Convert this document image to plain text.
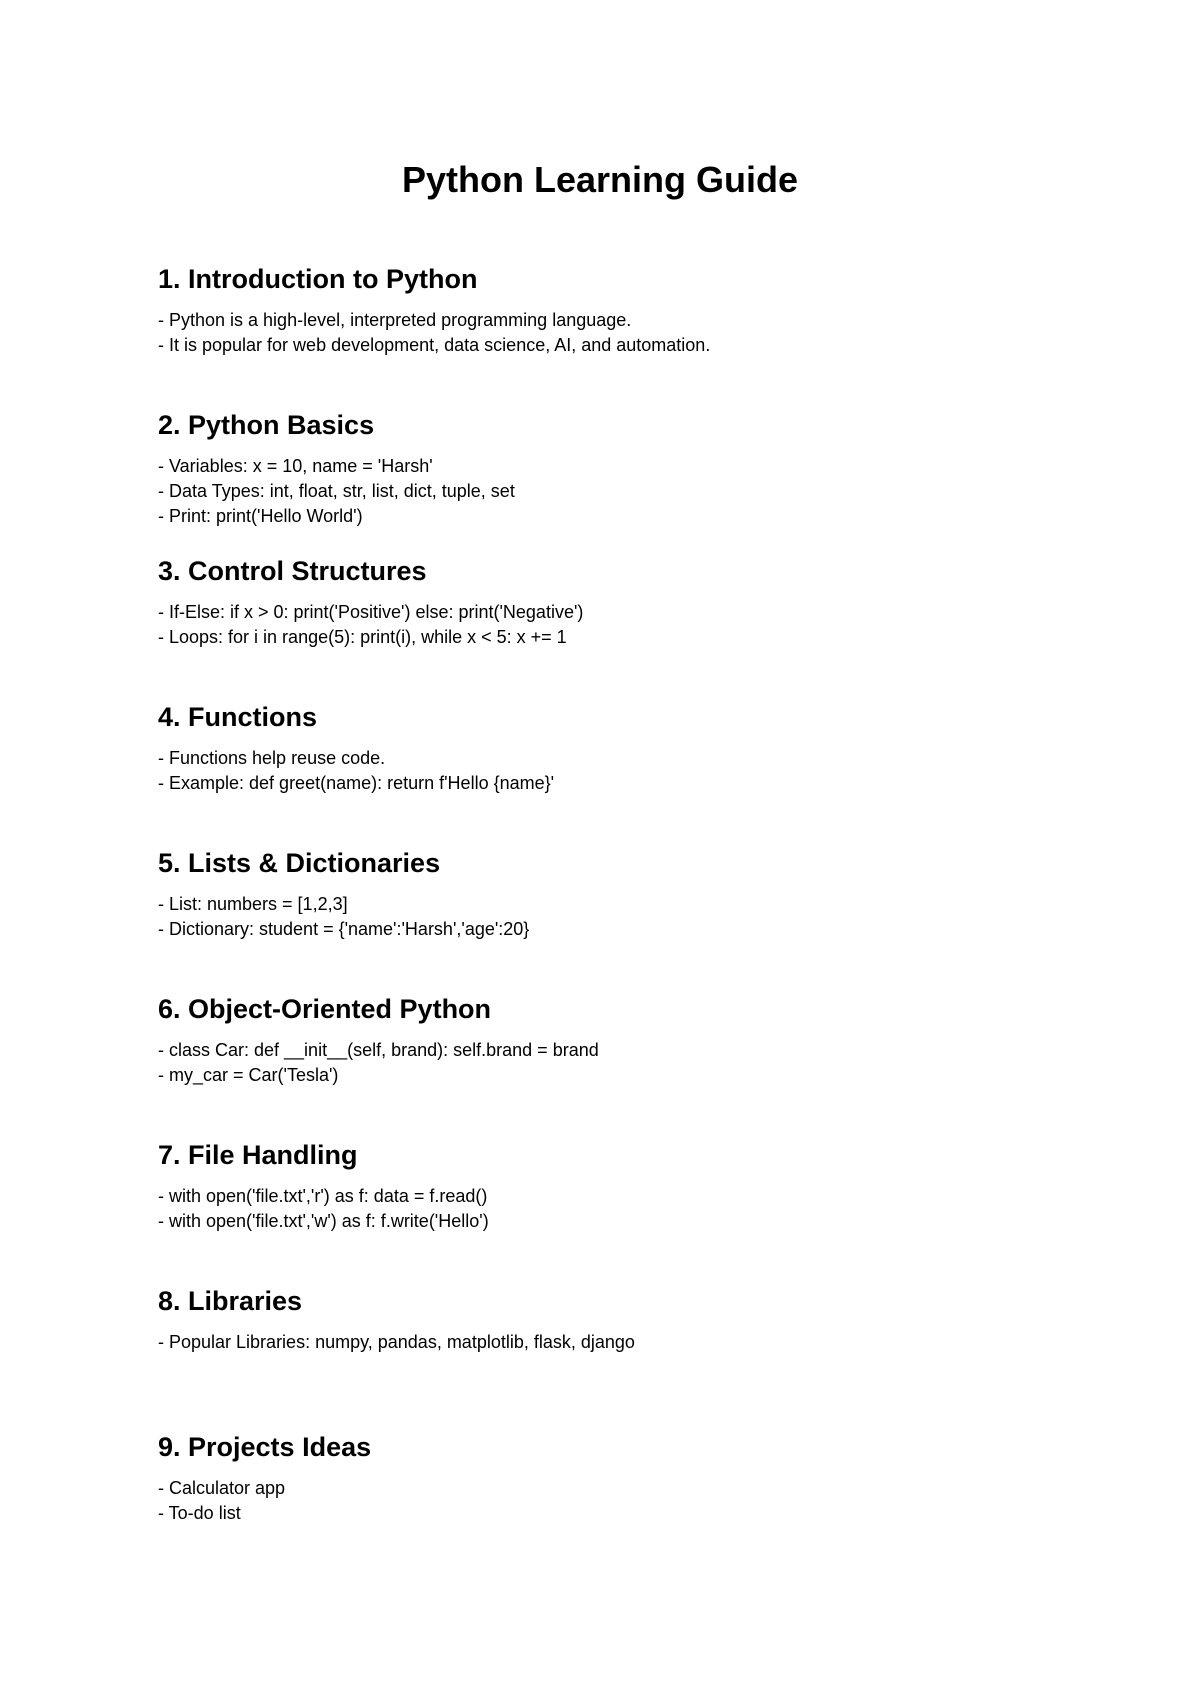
Python Learning Guide
1. Introduction to Python
- Python is a high-level, interpreted programming language.
- It is popular for web development, data science, AI, and automation.
2. Python Basics
- Variables: x = 10, name = 'Harsh'
- Data Types: int, float, str, list, dict, tuple, set
- Print: print('Hello World')
3. Control Structures
- If-Else: if x > 0: print('Positive') else: print('Negative')
- Loops: for i in range(5): print(i), while x < 5: x += 1
4. Functions
- Functions help reuse code.
- Example: def greet(name): return f'Hello {name}'
5. Lists & Dictionaries
- List: numbers = [1,2,3]
- Dictionary: student = {'name':'Harsh','age':20}
6. Object-Oriented Python
- class Car: def __init__(self, brand): self.brand = brand
- my_car = Car('Tesla')
7. File Handling
- with open('file.txt','r') as f: data = f.read()
- with open('file.txt','w') as f: f.write('Hello')
8. Libraries
- Popular Libraries: numpy, pandas, matplotlib, flask, django
9. Projects Ideas
- Calculator app
- To-do list
